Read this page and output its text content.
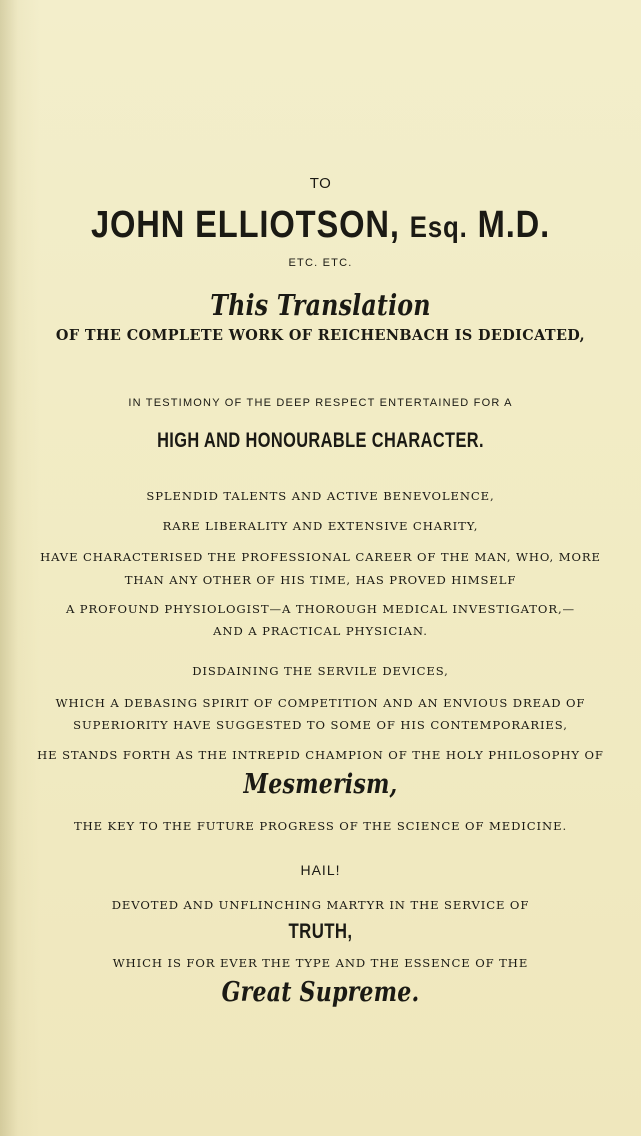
TO
JOHN ELLIOTSON, Esq. M.D.
ETC. ETC.
This Translation
OF THE COMPLETE WORK OF REICHENBACH IS DEDICATED,
IN TESTIMONY OF THE DEEP RESPECT ENTERTAINED FOR A
HIGH AND HONOURABLE CHARACTER.
SPLENDID TALENTS AND ACTIVE BENEVOLENCE,
RARE LIBERALITY AND EXTENSIVE CHARITY,
HAVE CHARACTERISED THE PROFESSIONAL CAREER OF THE MAN, WHO, MORE
THAN ANY OTHER OF HIS TIME, HAS PROVED HIMSELF
A PROFOUND PHYSIOLOGIST—A THOROUGH MEDICAL INVESTIGATOR,—
AND A PRACTICAL PHYSICIAN.
DISDAINING THE SERVILE DEVICES,
WHICH A DEBASING SPIRIT OF COMPETITION AND AN ENVIOUS DREAD OF
SUPERIORITY HAVE SUGGESTED TO SOME OF HIS CONTEMPORARIES,
HE STANDS FORTH AS THE INTREPID CHAMPION OF THE HOLY PHILOSOPHY OF
Mesmerism,
THE KEY TO THE FUTURE PROGRESS OF THE SCIENCE OF MEDICINE.
HAIL!
DEVOTED AND UNFLINCHING MARTYR IN THE SERVICE OF
TRUTH,
WHICH IS FOR EVER THE TYPE AND THE ESSENCE OF THE
Great Supreme.
